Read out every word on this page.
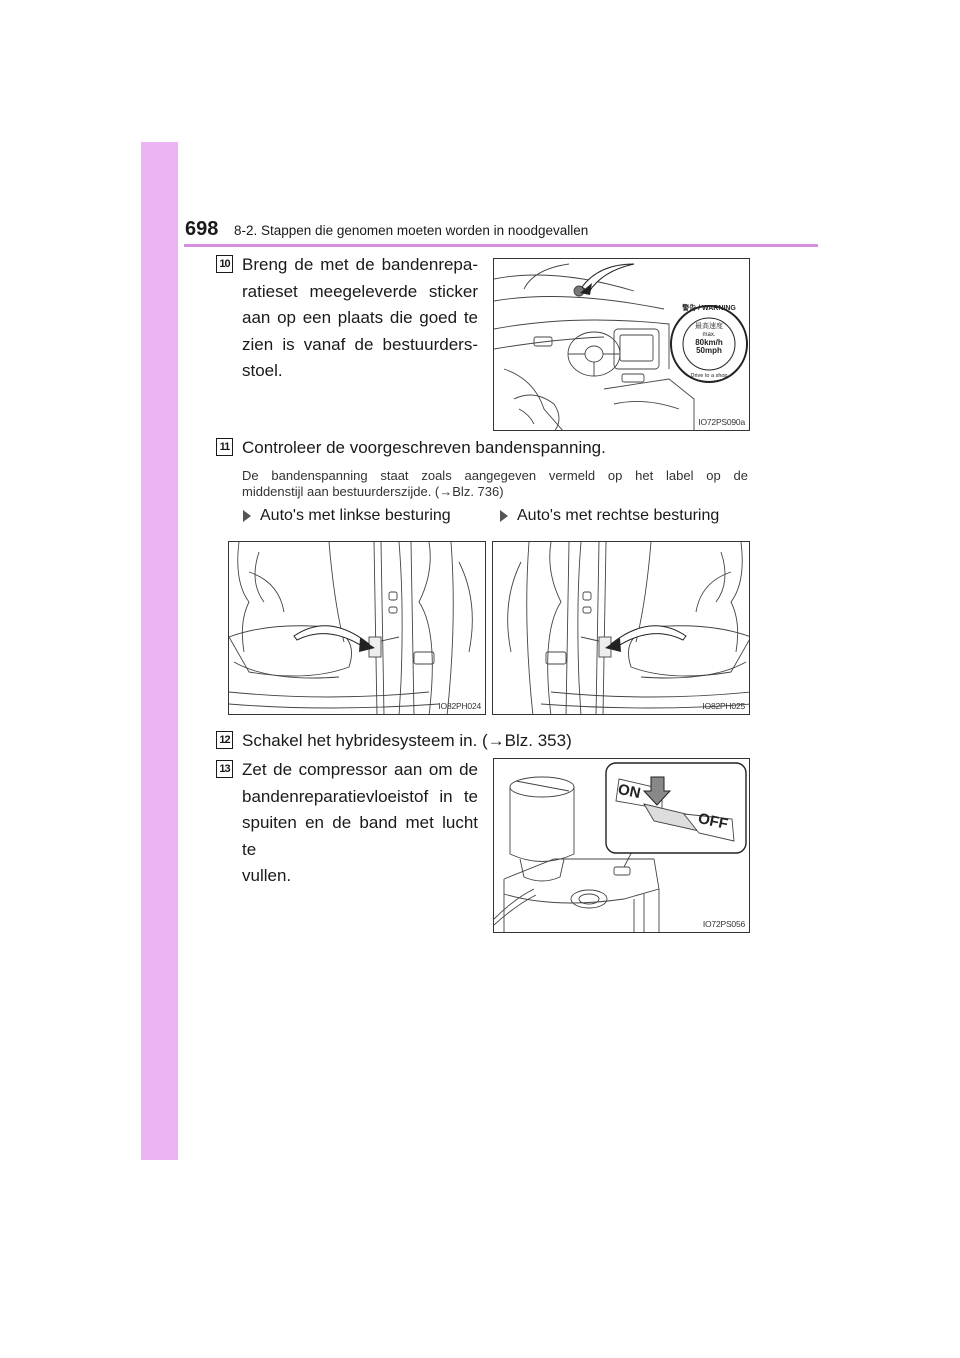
698 8-2. Stappen die genomen moeten worden in noodgevallen
10 Breng de met de bandenrepa-
ratieset meegeleverde sticker
aan op een plaats die goed te
zien is vanaf de bestuurders-
stoel.
警告 / WARNING
最高速度
max.
80km/h
50mph
Drive to a shop
IO72PS090a
11 Controleer de voorgeschreven bandenspanning.
De bandenspanning staat zoals aangegeven vermeld op het label op de
middenstijl aan bestuurderszijde. (→Blz. 736)
Auto's met linkse besturing	Auto's met rechtse besturing
IO82PH024	IO82PH025
12 Schakel het hybridesysteem in. (→Blz. 353)
13 Zet de compressor aan om de
bandenreparatievloeistof in te
spuiten en de band met lucht te
vullen.
ON
OFF
IO72PS056
